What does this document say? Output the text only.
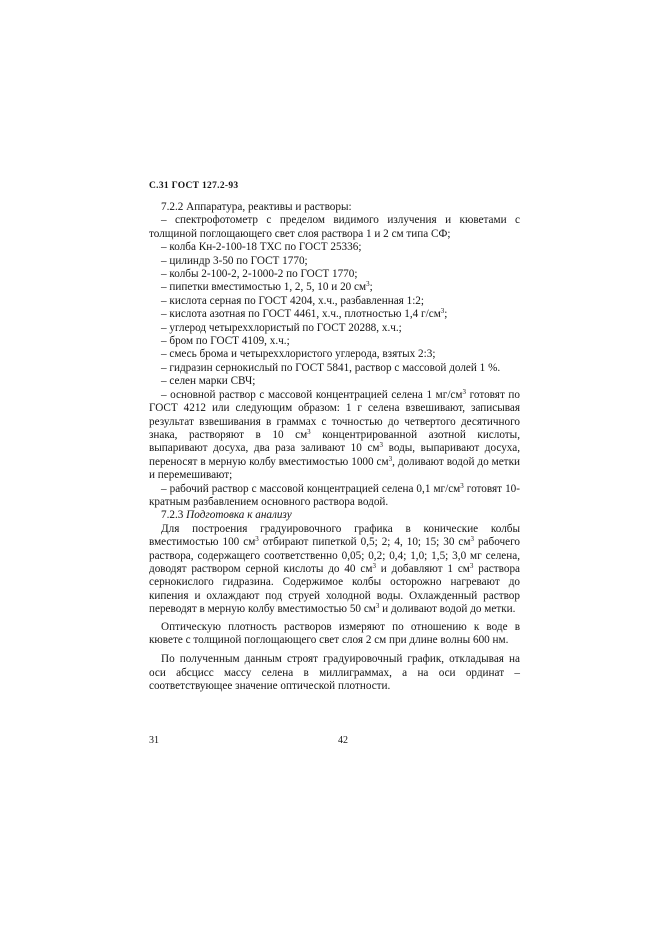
С.31 ГОСТ 127.2-93

7.2.2 Аппаратура, реактивы и растворы:

– спектрофотометр с пределом видимого излучения и кюветами с толщиной поглощающего свет слоя раствора 1 и 2 см типа СФ;

– колба Кн-2-100-18 ТХС по ГОСТ 25336;

– цилиндр 3-50 по ГОСТ 1770;

– колбы 2-100-2, 2-1000-2 по ГОСТ 1770;

– пипетки вместимостью 1, 2, 5, 10 и 20 $см^3$;

– кислота серная по ГОСТ 4204, х.ч., разбавленная 1:2;

– кислота азотная по ГОСТ 4461, х.ч., плотностью 1,4 $г/см^3$;

– углерод четыреххлористый по ГОСТ 20288, х.ч.;

– бром по ГОСТ 4109, х.ч.;

– смесь брома и четыреххлористого углерода, взятых 2:3;

– гидразин сернокислый по ГОСТ 5841, раствор с массовой долей 1 %.

– селен марки СВЧ;

– основной раствор с массовой концентрацией селена 1 $мг/см^3$ готовят по ГОСТ 4212 или следующим образом: 1 г селена взвешивают, записывая результат взвешивания в граммах с точностью до четвертого десятичного знака, растворяют в 10 $см^3$ концентрированной азотной кислоты, выпаривают досуха, два раза заливают 10 $см^3$ воды, выпаривают досуха, переносят в мерную колбу вместимостью 1000 $см^3$, доливают водой до метки и перемешивают;

– рабочий раствор с массовой концентрацией селена 0,1 $мг/см^3$ готовят 10-кратным разбавлением основного раствора водой.

7.2.3 Подготовка к анализу

Для построения градуировочного графика в конические колбы вместимостью 100 $см^3$ отбирают пипеткой 0,5; 2; 4, 10; 15; 30 $см^3$ рабочего раствора, содержащего соответственно 0,05; 0,2; 0,4; 1,0; 1,5; 3,0 мг селена, доводят раствором серной кислоты до 40 $см^3$ и добавляют 1 $см^3$ раствора сернокислого гидразина. Содержимое колбы осторожно нагревают до кипения и охлаждают под струей холодной воды. Охлажденный раствор переводят в мерную колбу вместимостью 50 $см^3$ и доливают водой до метки.

Оптическую плотность растворов измеряют по отношению к воде в кювете с толщиной поглощающего свет слоя 2 см при длине волны 600 нм.

По полученным данным строят градуировочный график, откладывая на оси абсцисс массу селена в миллиграммах, а на оси ординат – соответствующее значение оптической плотности.

31	42
